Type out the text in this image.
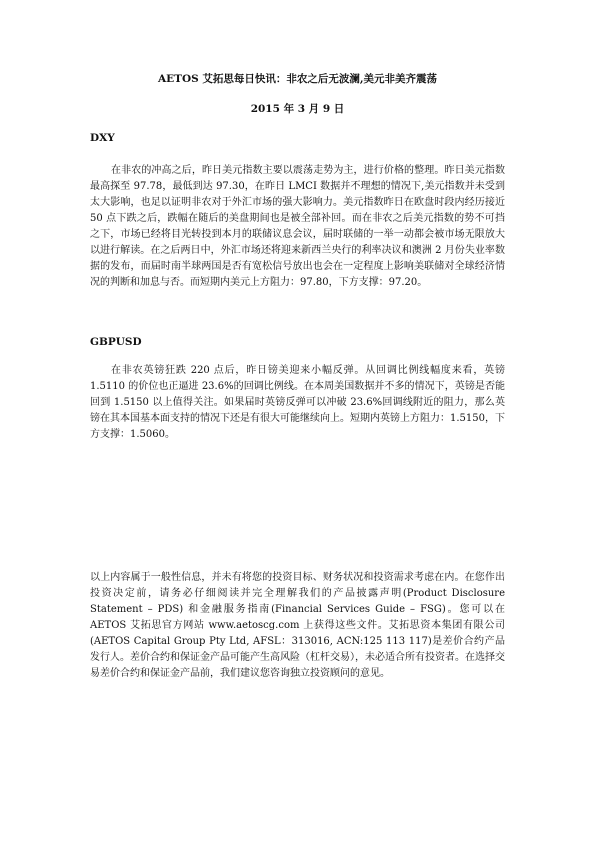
AETOS 艾拓思每日快讯：非农之后无波澜,美元非美齐震荡
2015 年 3 月 9 日
DXY
在非农的冲高之后，昨日美元指数主要以震荡走势为主，进行价格的整理。昨日美元指数最高探至 97.78，最低到达 97.30，在昨日 LMCI 数据并不理想的情况下,美元指数并未受到太大影响，也足以证明非农对于外汇市场的强大影响力。美元指数昨日在欧盘时段内经历接近 50 点下跌之后，跌幅在随后的美盘期间也是被全部补回。而在非农之后美元指数的势不可挡之下，市场已经将目光转投到本月的联储议息会议，届时联储的一举一动都会被市场无限放大以进行解读。在之后两日中，外汇市场还将迎来新西兰央行的利率决议和澳洲 2 月份失业率数据的发布，而届时南半球两国是否有宽松信号放出也会在一定程度上影响美联储对全球经济情况的判断和加息与否。而短期内美元上方阻力：97.80，下方支撑：97.20。
GBPUSD
在非农英镑狂跌 220 点后，昨日镑美迎来小幅反弹。从回调比例线幅度来看，英镑 1.5110 的价位也正逼进 23.6%的回调比例线。在本周美国数据并不多的情况下，英镑是否能回到 1.5150 以上值得关注。如果届时英镑反弹可以冲破 23.6%回调线附近的阻力，那么英镑在其本国基本面支持的情况下还是有很大可能继续向上。短期内英镑上方阻力：1.5150，下方支撑：1.5060。
以上内容属于一般性信息，并未有将您的投资目标、财务状况和投资需求考虑在内。在您作出投资决定前，请务必仔细阅读并完全理解我们的产品披露声明(Product Disclosure Statement – PDS) 和金融服务指南(Financial Services Guide – FSG)。您可以在 AETOS 艾拓思官方网站 www.aetoscg.com 上获得这些文件。艾拓思资本集团有限公司(AETOS Capital Group Pty Ltd, AFSL：313016, ACN:125 113 117)是差价合约产品发行人。差价合约和保证金产品可能产生高风险（杠杆交易），未必适合所有投资者。在选择交易差价合约和保证金产品前，我们建议您咨询独立投资顾问的意见。
